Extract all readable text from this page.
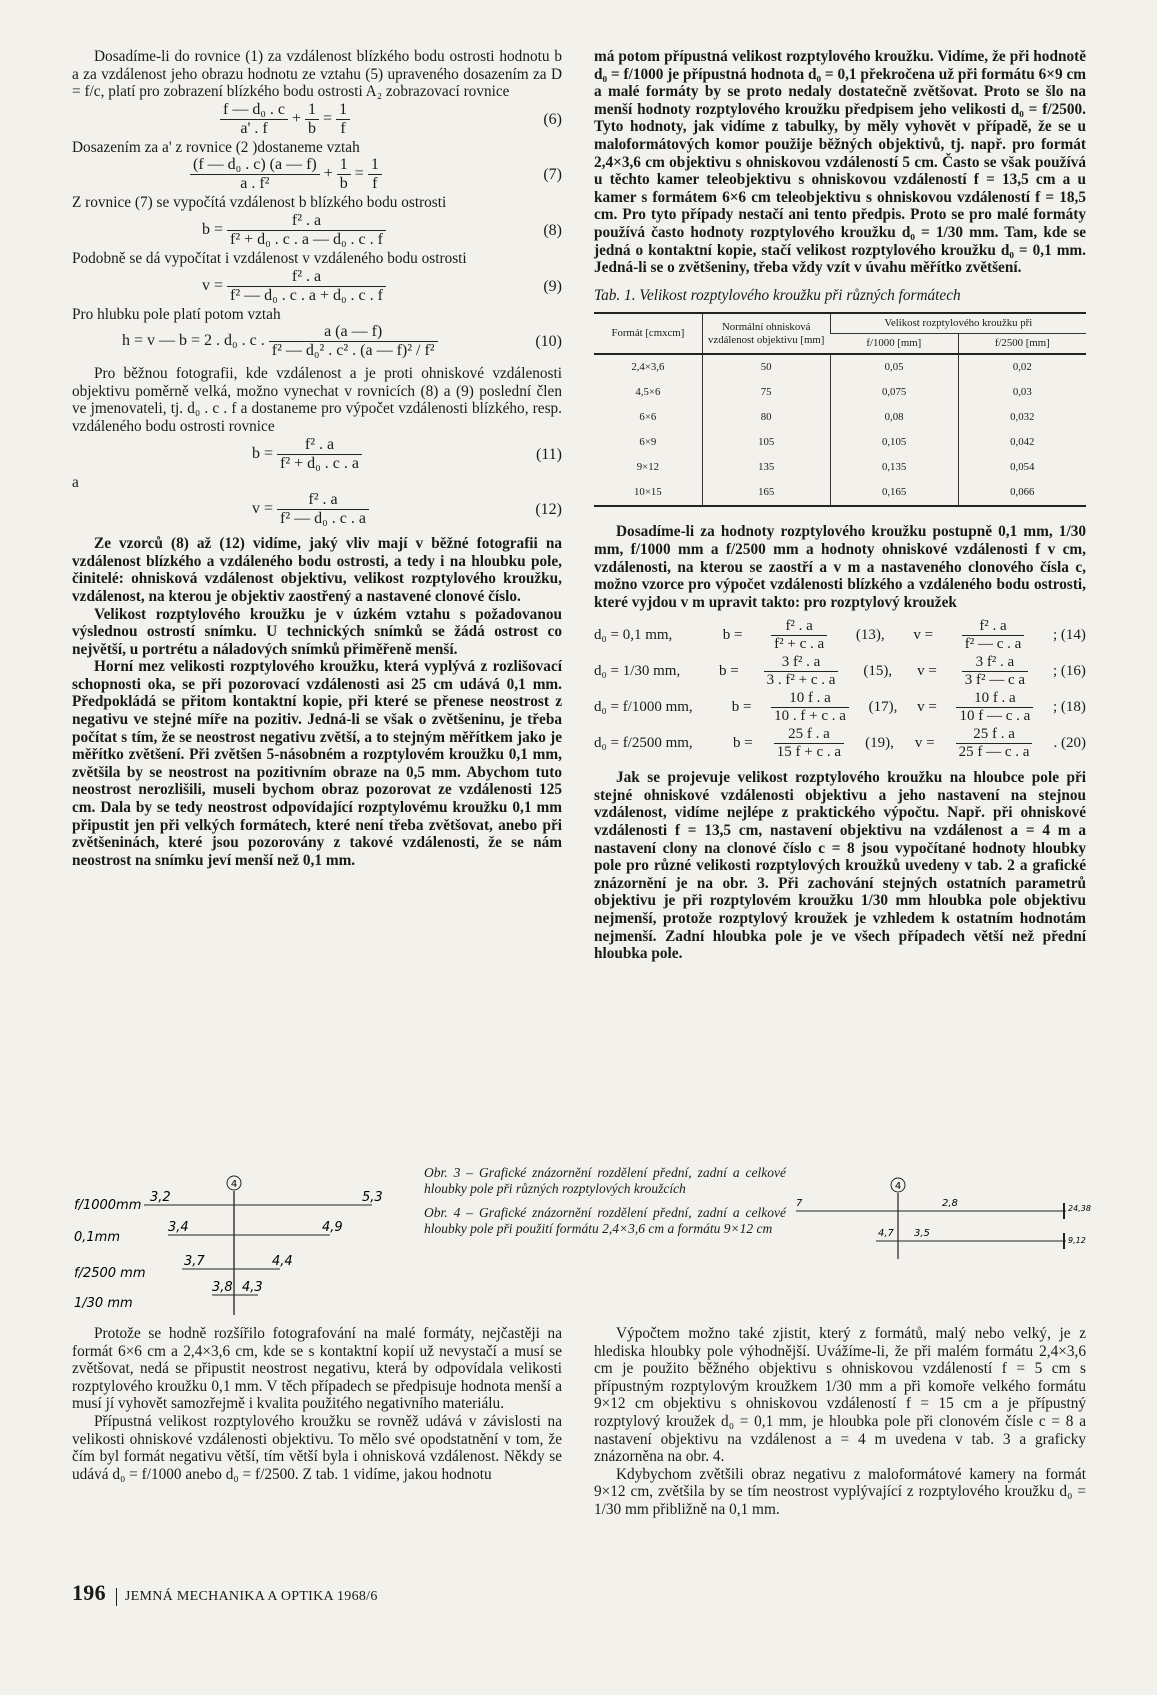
Dosadíme-li do rovnice (1) za vzdálenost blízkého bodu ostrosti hodnotu b a za vzdálenost jeho obrazu hodnotu ze vztahu (5) upraveného dosazením za D = f/c, platí pro zobrazení blízkého bodu ostrosti A₂ zobrazovací rovnice

$\frac{\text{f — d₀ . c}}{a' . f} + \frac{1}{b} = \frac{1}{f}$	(6)

Dosazením za a' z rovnice (2 )dostaneme vztah

$\frac{\text{(f — d₀ . c) (a — f)}}{\text{a . f²}} + \frac{1}{b} = \frac{1}{f}$	(7)

Z rovnice (7) se vypočítá vzdálenost b blízkého bodu ostrosti

$b = \frac{\text{f² . a}}{\text{f² + d₀ . c . a — d₀ . c . f}}$	(8)

Podobně se dá vypočítat i vzdálenost v vzdáleného bodu ostrosti

$v = \frac{\text{f² . a}}{\text{f² — d₀ . c . a + d₀ . c . f}}$	(9)

Pro hlubku pole platí potom vztah

h = v — b = 2 . d₀ . c . $\frac{a (a — f)}{\text{f² — d₀² . c² . (a — f)² / f²}}$	(10)

Pro běžnou fotografii, kde vzdálenost a je proti ohniskové vzdálenosti objektivu poměrně velká, možno vynechat v rovnicích (8) a (9) poslední člen ve jmenovateli, tj. d₀ . c . f a dostaneme pro výpočet vzdálenosti blízkého, resp. vzdáleného bodu ostrosti rovnice

$b = \frac{\text{f² . a}}{\text{f² + d₀ . c . a}}$	(11)

a

$v = \frac{\text{f² . a}}{\text{f² — d₀ . c . a}}$	(12)

Ze vzorců (8) až (12) vidíme, jaký vliv mají v běžné fotografii na vzdálenost blízkého a vzdáleného bodu ostrosti, a tedy i na hloubku pole, činitelé: ohnisková vzdálenost objektivu, velikost rozptylového kroužku, vzdálenost, na kterou je objektiv zaostřený a nastavené clonové číslo.

Velikost rozptylového kroužku je v úzkém vztahu s požadovanou výslednou ostrostí snímku. U technických snímků se žádá ostrost co největší, u portrétu a náladových snímků přiměřeně menší.

Horní mez velikosti rozptylového kroužku, která vyplývá z rozlišovací schopnosti oka, se při pozorovací vzdálenosti asi 25 cm udává 0,1 mm. Předpokládá se přitom kontaktní kopie, při které se přenese neostrost z negativu ve stejné míře na pozitiv. Jedná-li se však o zvětšeninu, je třeba počítat s tím, že se neostrost negativu zvětší, a to stejným měřítkem jako je měřítko zvětšení. Při zvětšen 5-násobném a rozptylovém kroužku 0,1 mm, zvětšila by se neostrost na pozitivním obraze na 0,5 mm. Abychom tuto neostrost nerozlišili, museli bychom obraz pozorovat ze vzdálenosti 125 cm. Dala by se tedy neostrost odpovídající rozptylovému kroužku 0,1 mm připustit jen při velkých formátech, které není třeba zvětšovat, anebo při zvětšeninách, které jsou pozorovány z takové vzdálenosti, že se nám neostrost na snímku jeví menší než 0,1 mm.

má potom přípustná velikost rozptylového kroužku. Vidíme, že při hodnotě d₀ = f/1000 je přípustná hodnota d₀ = 0,1 překročena už při formátu 6×9 cm a malé formáty by se proto nedaly dostatečně zvětšovat. Proto se šlo na menší hodnoty rozptylového kroužku předpisem jeho velikosti d₀ = f/2500. Tyto hodnoty, jak vidíme z tabulky, by měly vyhovět v případě, že se u maloformátových komor použije běžných objektivů, tj. např. pro formát 2,4×3,6 cm objektivu s ohniskovou vzdáleností 5 cm. Často se však používá u těchto kamer teleobjektivu s ohniskovou vzdáleností f = 13,5 cm a u kamer s formátem 6×6 cm teleobjektivu s ohniskovou vzdáleností f = 18,5 cm. Pro tyto případy nestačí ani tento předpis. Proto se pro malé formáty používá často hodnoty rozptylového kroužku d₀ = 1/30 mm. Tam, kde se jedná o kontaktní kopie, stačí velikost rozptylového kroužku d₀ = 0,1 mm. Jedná-li se o zvětšeniny, třeba vždy vzít v úvahu měřítko zvětšení.

Tab. 1. Velikost rozptylového kroužku při různých formátech

Formát [cmxcm]	Normální ohnisková vzdálenost objektivu [mm]	Velikost rozptylového kroužku při	
		f/1000 [mm]	f/2500 [mm]
2,4×3,6	50	0,05	0,02
4,5×6	75	0,075	0,03
6×6	80	0,08	0,032
6×9	105	0,105	0,042
9×12	135	0,135	0,054
10×15	165	0,165	0,066

Dosadíme-li za hodnoty rozptylového kroužku postupně 0,1 mm, 1/30 mm, f/1000 mm a f/2500 mm a hodnoty ohniskové vzdálenosti f v cm, vzdálenosti, na kterou se zaostří a v m a nastaveného clonového čísla c, možno vzorce pro výpočet vzdálenosti blízkého a vzdáleného bodu ostrosti, které vyjdou v m upravit takto: pro rozptylový kroužek

d₀ = 0,1 mm,	$b = \frac{\text{f² . a}}{\text{f² + c . a}} (13)$, $v = \frac{\text{f² . a}}{\text{f² — c . a}}$ ; (14)
d₀ = 1/30 mm,	$b = \frac{\text{3 f² . a}}{\text{3 . f² + c . a}} (15)$, $v = \frac{\text{3 f² . a}}{\text{3 f² — c a}}$ ; (16)
d₀ = f/1000 mm,	$b = \frac{10 f . a}{10 . f + c . a} (17)$, $v = \frac{10 f . a}{10 f — c . a}$ ; (18)
d₀ = f/2500 mm,	$b = \frac{25 f . a}{15 f + c . a} (19)$, $v = \frac{25 f . a}{25 f — c . a}$ . (20)

Jak se projevuje velikost rozptylového kroužku na hloubce pole při stejné ohniskové vzdálenosti objektivu a jeho nastavení na stejnou vzdálenost, vidíme nejlépe z praktického výpočtu. Např. při ohniskové vzdálenosti f = 13,5 cm, nastavení objektivu na vzdálenost a = 4 m a nastavení clony na clonové číslo c = 8 jsou vypočítané hodnoty hloubky pole pro různé velikosti rozptylových kroužků uvedeny v tab. 2 a grafické znázornění je na obr. 3. Při zachování stejných ostatních parametrů objektivu je při rozptylovém kroužku 1/30 mm hloubka pole objektivu nejmenší, protože rozptylový kroužek je vzhledem k ostatním hodnotám nejmenší. Zadní hloubka pole je ve všech případech větší než přední hloubka pole.

4
f/1000mm
3,2	5,3
0,1mm
3,4	4,9
f/2500 mm
3,7	4,4
1/30 mm
3,8 4,3

Obr. 3 – Grafické znázornění rozdělení přední, zadní a celkové hloubky pole při různých rozptylových kroužcích

Obr. 4 – Grafické znázornění rozdělení přední, zadní a celkové hloubky pole při použití formátu 2,4×3,6 cm a formátu 9×12 cm

4
7	2,8	24,38
4,7 3,5
9,12

Protože se hodně rozšířilo fotografování na malé formáty, nejčastěji na formát 6×6 cm a 2,4×3,6 cm, kde se s kontaktní kopií už nevystačí a musí se zvětšovat, nedá se připustit neostrost negativu, která by odpovídala velikosti rozptylového kroužku 0,1 mm. V těch případech se předpisuje hodnota menší a musí jí vyhovět samozřejmě i kvalita použitého negativního materiálu.

Přípustná velikost rozptylového kroužku se rovněž udává v závislosti na velikosti ohniskové vzdálenosti objektivu. To mělo své opodstatnění v tom, že čím byl formát negativu větší, tím větší byla i ohnisková vzdálenost. Někdy se udává d₀ = f/1000 anebo d₀ = f/2500. Z tab. 1 vidíme, jakou hodnotu

Výpočtem možno také zjistit, který z formátů, malý nebo velký, je z hlediska hloubky pole výhodnější. Uvážíme-li, že při malém formátu 2,4×3,6 cm je použito běžného objektivu s ohniskovou vzdáleností f = 5 cm s přípustným rozptylovým kroužkem 1/30 mm a při komoře velkého formátu 9×12 cm objektivu s ohniskovou vzdáleností f = 15 cm a je přípustný rozptylový kroužek d₀ = 0,1 mm, je hloubka pole při clonovém čísle c = 8 a nastavení objektivu na vzdálenost a = 4 m uvedena v tab. 3 a graficky znázorněna na obr. 4.

Kdybychom zvětšili obraz negativu z maloformátové kamery na formát 9×12 cm, zvětšila by se tím neostrost vyplývající z rozptylového kroužku d₀ = 1/30 mm přibližně na 0,1 mm.

196 JEMNÁ MECHANIKA A OPTIKA 1968/6
